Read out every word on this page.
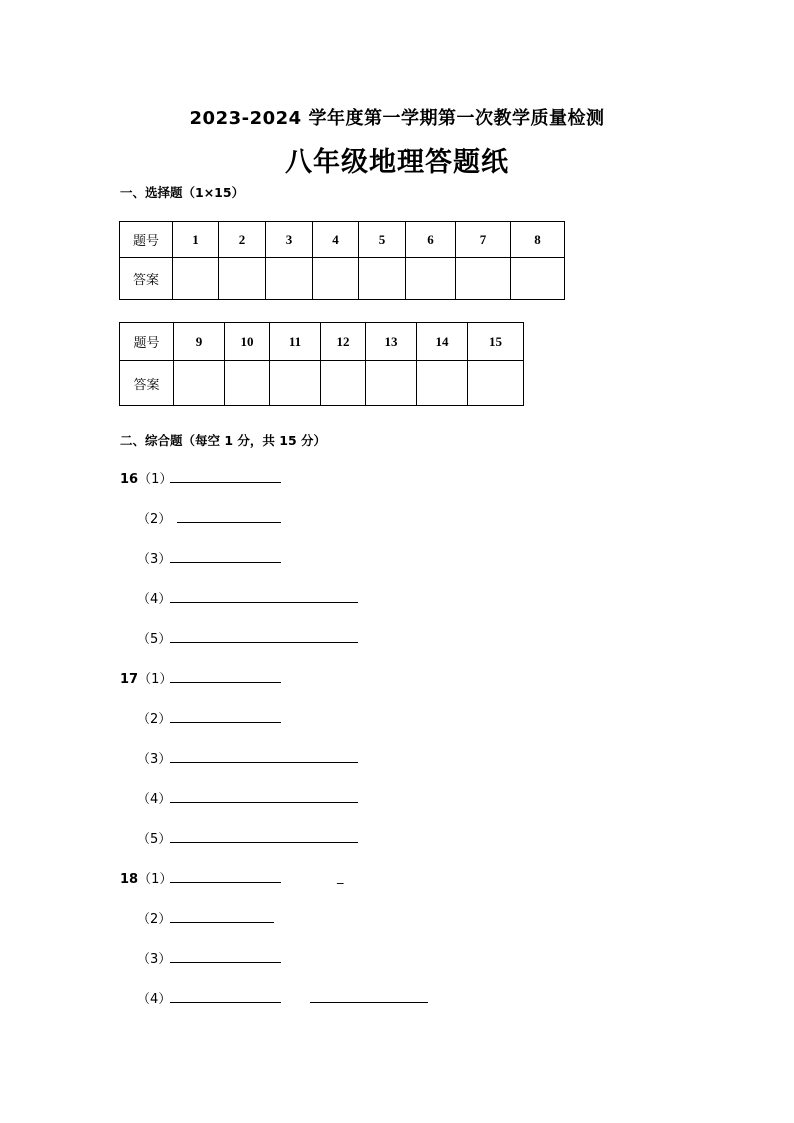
2023-2024 学年度第一学期第一次教学质量检测
八年级地理答题纸
一、选择题（1×15）
题号	1	2	3	4	5	6	7	8
答案								
题号	9	10	11	12	13	14	15
答案							
二、综合题（每空 1 分，共 15 分）
16（1）
（2）
（3）
（4）
（5）
17（1）
（2）
（3）
（4）
（5）
18（1）	_
（2）
（3）
（4）
